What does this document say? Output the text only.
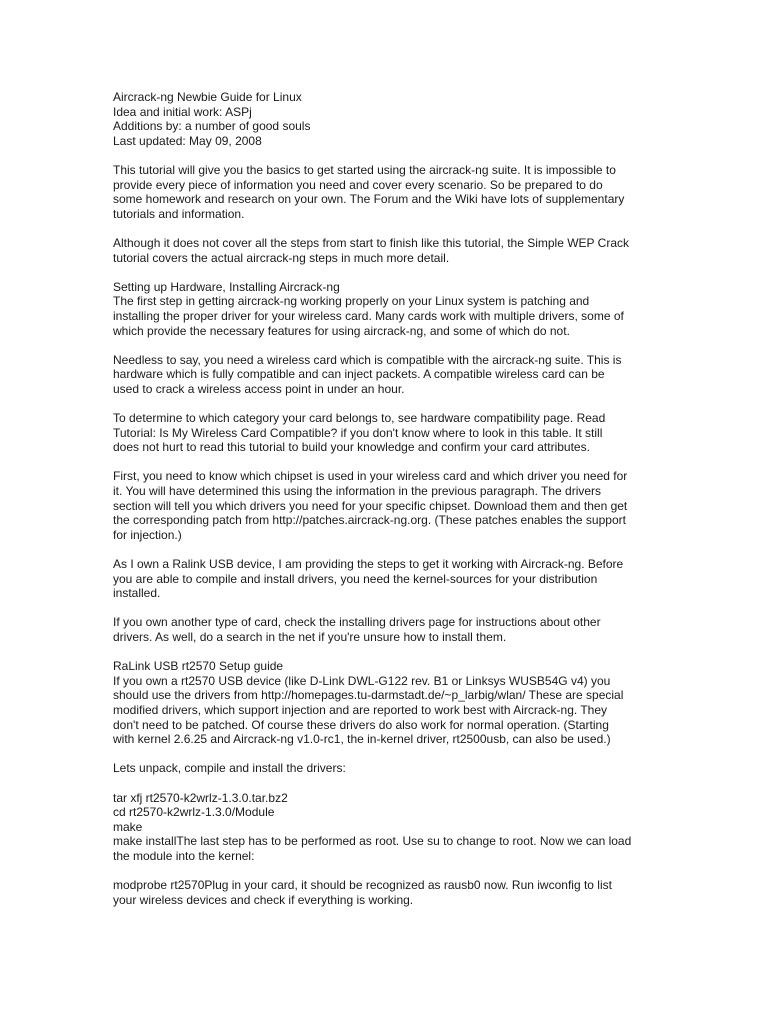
Aircrack-ng Newbie Guide for Linux
Idea and initial work: ASPj
Additions by: a number of good souls
Last updated: May 09, 2008
This tutorial will give you the basics to get started using the aircrack-ng suite. It is impossible to
provide every piece of information you need and cover every scenario. So be prepared to do
some homework and research on your own. The Forum and the Wiki have lots of supplementary
tutorials and information.
Although it does not cover all the steps from start to finish like this tutorial, the Simple WEP Crack
tutorial covers the actual aircrack-ng steps in much more detail.
Setting up Hardware, Installing Aircrack-ng
The first step in getting aircrack-ng working properly on your Linux system is patching and
installing the proper driver for your wireless card. Many cards work with multiple drivers, some of
which provide the necessary features for using aircrack-ng, and some of which do not.
Needless to say, you need a wireless card which is compatible with the aircrack-ng suite. This is
hardware which is fully compatible and can inject packets. A compatible wireless card can be
used to crack a wireless access point in under an hour.
To determine to which category your card belongs to, see hardware compatibility page. Read
Tutorial: Is My Wireless Card Compatible? if you don't know where to look in this table. It still
does not hurt to read this tutorial to build your knowledge and confirm your card attributes.
First, you need to know which chipset is used in your wireless card and which driver you need for
it. You will have determined this using the information in the previous paragraph. The drivers
section will tell you which drivers you need for your specific chipset. Download them and then get
the corresponding patch from http://patches.aircrack-ng.org. (These patches enables the support
for injection.)
As I own a Ralink USB device, I am providing the steps to get it working with Aircrack-ng. Before
you are able to compile and install drivers, you need the kernel-sources for your distribution
installed.
If you own another type of card, check the installing drivers page for instructions about other
drivers. As well, do a search in the net if you're unsure how to install them.
RaLink USB rt2570 Setup guide
If you own a rt2570 USB device (like D-Link DWL-G122 rev. B1 or Linksys WUSB54G v4) you
should use the drivers from http://homepages.tu-darmstadt.de/~p_larbig/wlan/ These are special
modified drivers, which support injection and are reported to work best with Aircrack-ng. They
don't need to be patched. Of course these drivers do also work for normal operation. (Starting
with kernel 2.6.25 and Aircrack-ng v1.0-rc1, the in-kernel driver, rt2500usb, can also be used.)
Lets unpack, compile and install the drivers:
tar xfj rt2570-k2wrlz-1.3.0.tar.bz2
cd rt2570-k2wrlz-1.3.0/Module
make
make installThe last step has to be performed as root. Use su to change to root. Now we can load
the module into the kernel:
modprobe rt2570Plug in your card, it should be recognized as rausb0 now. Run iwconfig to list
your wireless devices and check if everything is working.
